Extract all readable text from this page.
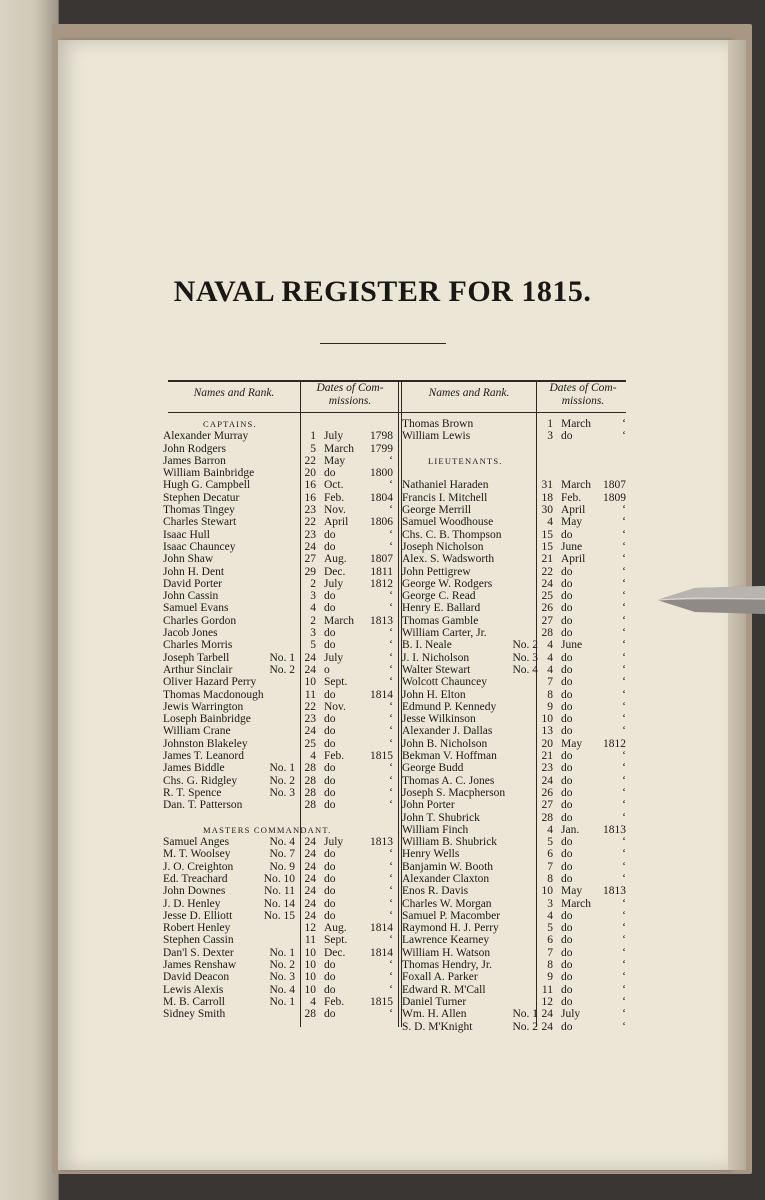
NAVAL REGISTER FOR 1815.
Names and Rank.	Dates of Com- missions.
Names and Rank.	Dates of Com- missions.
CAPTAINS.
Alexander Murray	1 July 1798
John Rodgers	5 March 1799
James Barron	22 May	‘
William Bainbridge	20 do	1800
Hugh G. Campbell	16 Oct.	‘
Stephen Decatur	16 Feb. 1804
Thomas Tingey	23 Nov.	‘
Charles Stewart	22 April 1806
Isaac Hull	23 do	‘
Isaac Chauncey	24 do	‘
John Shaw	27 Aug. 1807
John H. Dent	29 Dec. 1811
David Porter	2 July 1812
John Cassin	3 do	‘
Samuel Evans	4 do	‘
Charles Gordon	2 March 1813
Jacob Jones	3 do	‘
Charles Morris	5 do	‘
Joseph Tarbell	No. 1 24 July	‘
Arthur Sinclair	No. 2 24 o	‘
Oliver Hazard Perry	10 Sept.	‘
Thomas Macdonough	11 do	1814
Jewis Warrington	22 Nov.	‘
Loseph Bainbridge	23 do	‘
William Crane	24 do	‘
Johnston Blakeley	25 do	‘
James T. Leanord	4 Feb. 1815
James Biddle	No. 1 28 do	‘
Chs. G. Ridgley	No. 2 28 do	‘
R. T. Spence	No. 3 28 do	‘
Dan. T. Patterson	28 do	‘
MASTERS COMMANDANT.
Samuel Anges	No. 4 24 July 1813
M. T. Woolsey	No. 7 24 do	‘
J. O. Creighton	No. 9 24 do	‘
Ed. Treachard	No. 10 24 do	‘
John Downes	No. 11 24 do	‘
J. D. Henley	No. 14 24 do	‘
Jesse D. Elliott	No. 15 24 do	‘
Robert Henley	12 Aug. 1814
Stephen Cassin	11 Sept.	‘
Dan'l S. Dexter	No. 1 10 Dec. 1814
James Renshaw	No. 2 10 do	‘
David Deacon	No. 3 10 do	‘
Lewis Alexis	No. 4 10 do	‘
M. B. Carroll	No. 1 4 Feb. 1815
Sidney Smith	28 do	‘
Thomas Brown	1 March	‘
William Lewis	3 do	‘
LIEUTENANTS.
Nathaniel Haraden	31 March 1807
Francis I. Mitchell	18 Feb. 1809
George Merrill	30 April	‘
Samuel Woodhouse	4 May	‘
Chs. C. B. Thompson	15 do	‘
Joseph Nicholson	15 June	‘
Alex. S. Wadsworth	21 April	‘
John Pettigrew	22 do	‘
George W. Rodgers	24 do	‘
George C. Read	25 do	‘
Henry E. Ballard	26 do	‘
Thomas Gamble	27 do	‘
William Carter, Jr.	28 do	‘
B. I. Neale	No. 2 4 June	‘
J. I. Nicholson	No. 3 4 do	‘
Walter Stewart	No. 4 4 do	‘
Wolcott Chauncey	7 do	‘
John H. Elton	8 do	‘
Edmund P. Kennedy	9 do	‘
Jesse Wilkinson	10 do	‘
Alexander J. Dallas	13 do	‘
John B. Nicholson	20 May 1812
Bekman V. Hoffman	21 do	‘
George Budd	23 do	‘
Thomas A. C. Jones	24 do	‘
Joseph S. Macpherson	26 do	‘
John Porter	27 do	‘
John T. Shubrick	28 do	‘
William Finch	4 Jan. 1813
William B. Shubrick	5 do	‘
Henry Wells	6 do	‘
Banjamin W. Booth	7 do	‘
Alexander Claxton	8 do	‘
Enos R. Davis	10 May 1813
Charles W. Morgan	3 March	‘
Samuel P. Macomber	4 do	‘
Raymond H. J. Perry	5 do	‘
Lawrence Kearney	6 do	‘
William H. Watson	7 do	‘
Thomas Hendry, Jr.	8 do	‘
Foxall A. Parker	9 do	‘
Edward R. M'Call	11 do	‘
Daniel Turner	12 do	‘
Wm. H. Allen	No. 1 24 July	‘
S. D. M'Knight	No. 2 24 do	‘
